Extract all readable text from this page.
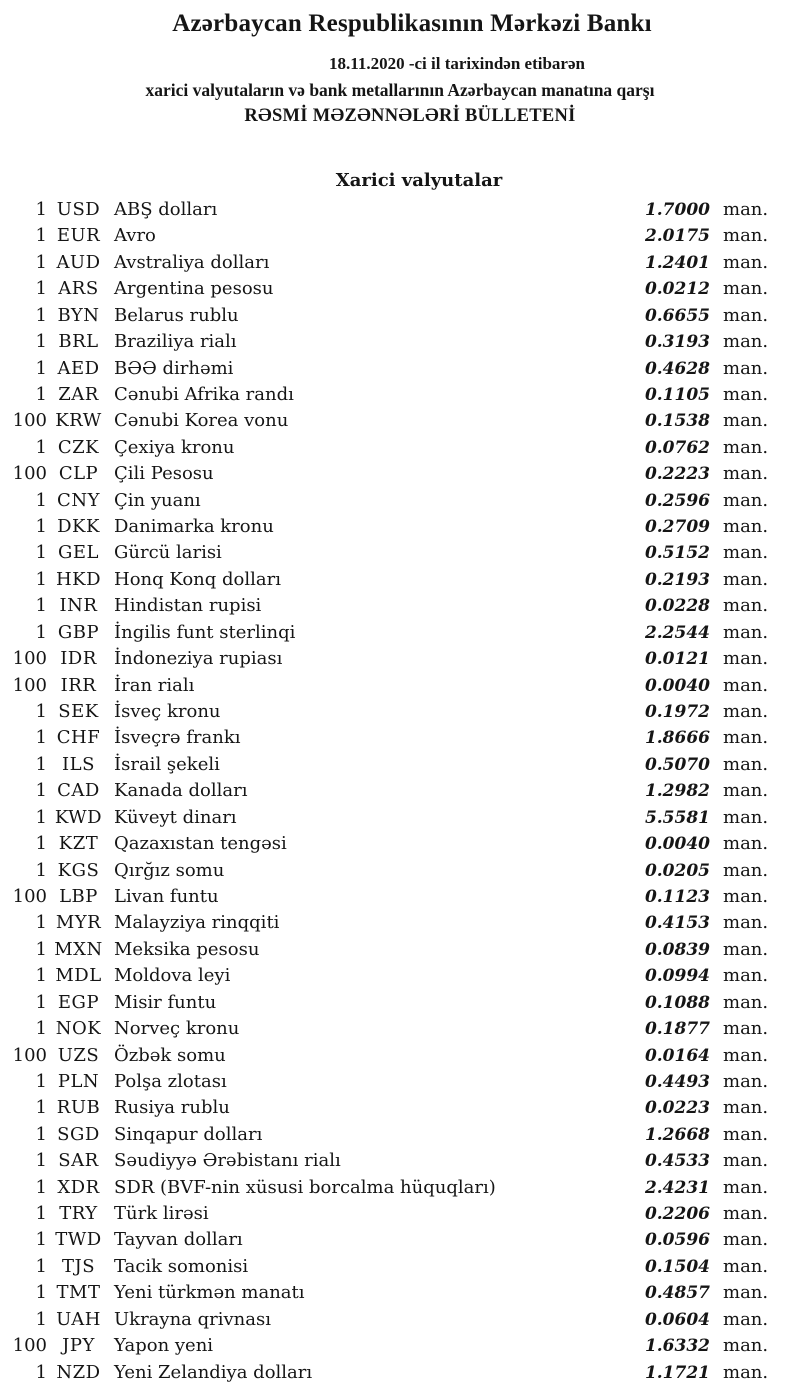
Azərbaycan Respublikasının Mərkəzi Bankı
18.11.2020 -ci il tarixindən etibarən
xarici valyutaların və bank metallarının Azərbaycan manatına qarşı
RƏSMİ MƏZƏNNƏLƏRİ BÜLLETENİ
Xarici valyutalar
1 USD ABŞ dolları	1.7000 man.
1 EUR Avro	2.0175 man.
1 AUD Avstraliya dolları	1.2401 man.
1 ARS Argentina pesosu	0.0212 man.
1 BYN Belarus rublu	0.6655 man.
1 BRL Braziliya rialı	0.3193 man.
1 AED BƏƏ dirhəmi	0.4628 man.
1 ZAR Cənubi Afrika randı	0.1105 man.
100 KRW Cənubi Korea vonu	0.1538 man.
1 CZK Çexiya kronu	0.0762 man.
100 CLP Çili Pesosu	0.2223 man.
1 CNY Çin yuanı	0.2596 man.
1 DKK Danimarka kronu	0.2709 man.
1 GEL Gürcü larisi	0.5152 man.
1 HKD Honq Konq dolları	0.2193 man.
1 INR Hindistan rupisi	0.0228 man.
1 GBP İngilis funt sterlinqi	2.2544 man.
100 IDR İndoneziya rupiası	0.0121 man.
100 IRR İran rialı	0.0040 man.
1 SEK İsveç kronu	0.1972 man.
1 CHF İsveçrə frankı	1.8666 man.
1 ILS	İsrail şekeli	0.5070 man.
1 CAD Kanada dolları	1.2982 man.
1 KWD Küveyt dinarı	5.5581 man.
1 KZT Qazaxıstan tengəsi	0.0040 man.
1 KGS Qırğız somu	0.0205 man.
100 LBP Livan funtu	0.1123 man.
1 MYR Malayziya rinqqiti	0.4153 man.
1 MXN Meksika pesosu	0.0839 man.
1 MDL Moldova leyi	0.0994 man.
1 EGP Misir funtu	0.1088 man.
1 NOK Norveç kronu	0.1877 man.
100 UZS Özbək somu	0.0164 man.
1 PLN Polşa zlotası	0.4493 man.
1 RUB Rusiya rublu	0.0223 man.
1 SGD Sinqapur dolları	1.2668 man.
1 SAR Səudiyyə Ərəbistanı rialı	0.4533 man.
1 XDR SDR (BVF-nin xüsusi borcalma hüquqları)	2.4231 man.
1 TRY Türk lirəsi	0.2206 man.
1 TWD Tayvan dolları	0.0596 man.
1 TJS	Tacik somonisi	0.1504 man.
1 TMT Yeni türkmən manatı	0.4857 man.
1 UAH Ukrayna qrivnası	0.0604 man.
100 JPY	Yapon yeni	1.6332 man.
1 NZD Yeni Zelandiya dolları	1.1721 man.
